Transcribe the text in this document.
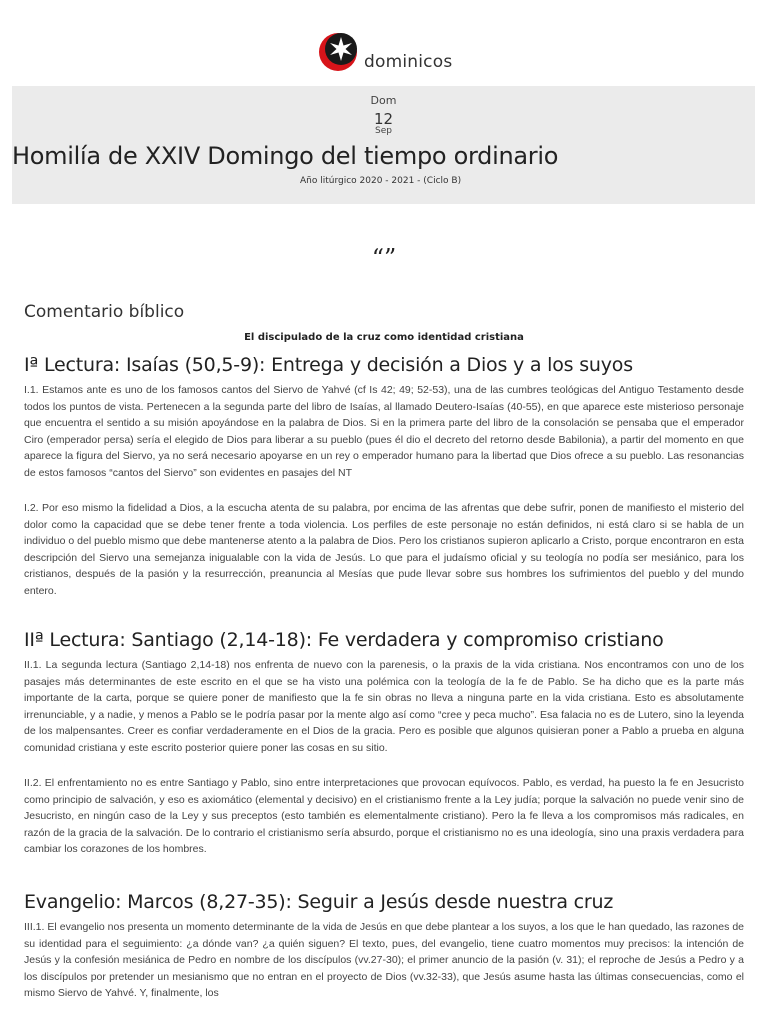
dominicos
Dom
12
Sep
Homilía de XXIV Domingo del tiempo ordinario
Año litúrgico 2020 - 2021 - (Ciclo B)
“”
Comentario bíblico
El discipulado de la cruz como identidad cristiana
Iª Lectura: Isaías (50,5-9): Entrega y decisión a Dios y a los suyos

I.1. Estamos ante es uno de los famosos cantos del Siervo de Yahvé (cf Is 42; 49; 52-53), una de las cumbres teológicas del Antiguo Testamento desde todos los puntos de vista. Pertenecen a la segunda parte del libro de Isaías, al llamado Deutero-Isaías (40-55), en que aparece este misterioso personaje que encuentra el sentido a su misión apoyándose en la palabra de Dios. Si en la primera parte del libro de la consolación se pensaba que el emperador Ciro (emperador persa) sería el elegido de Dios para liberar a su pueblo (pues él dio el decreto del retorno desde Babilonia), a partir del momento en que aparece la figura del Siervo, ya no será necesario apoyarse en un rey o emperador humano para la libertad que Dios ofrece a su pueblo. Las resonancias de estos famosos “cantos del Siervo” son evidentes en pasajes del NT

I.2. Por eso mismo la fidelidad a Dios, a la escucha atenta de su palabra, por encima de las afrentas que debe sufrir, ponen de manifiesto el misterio del dolor como la capacidad que se debe tener frente a toda violencia. Los perfiles de este personaje no están definidos, ni está claro si se habla de un individuo o del pueblo mismo que debe mantenerse atento a la palabra de Dios. Pero los cristianos supieron aplicarlo a Cristo, porque encontraron en esta descripción del Siervo una semejanza inigualable con la vida de Jesús. Lo que para el judaísmo oficial y su teología no podía ser mesiánico, para los cristianos, después de la pasión y la resurrección, preanuncia al Mesías que pude llevar sobre sus hombres los sufrimientos del pueblo y del mundo entero.

IIª Lectura: Santiago (2,14-18): Fe verdadera y compromiso cristiano

II.1. La segunda lectura (Santiago 2,14-18) nos enfrenta de nuevo con la parenesis, o la praxis de la vida cristiana. Nos encontramos con uno de los pasajes más determinantes de este escrito en el que se ha visto una polémica con la teología de la fe de Pablo. Se ha dicho que es la parte más importante de la carta, porque se quiere poner de manifiesto que la fe sin obras no lleva a ninguna parte en la vida cristiana. Esto es absolutamente irrenunciable, y a nadie, y menos a Pablo se le podría pasar por la mente algo así como “cree y peca mucho”. Esa falacia no es de Lutero, sino la leyenda de los malpensantes. Creer es confiar verdaderamente en el Dios de la gracia. Pero es posible que algunos quisieran poner a Pablo a prueba en alguna comunidad cristiana y este escrito posterior quiere poner las cosas en su sitio.

II.2. El enfrentamiento no es entre Santiago y Pablo, sino entre interpretaciones que provocan equívocos. Pablo, es verdad, ha puesto la fe en Jesucristo como principio de salvación, y eso es axiomático (elemental y decisivo) en el cristianismo frente a la Ley judía; porque la salvación no puede venir sino de Jesucristo, en ningún caso de la Ley y sus preceptos (esto también es elementalmente cristiano). Pero la fe lleva a los compromisos más radicales, en razón de la gracia de la salvación. De lo contrario el cristianismo sería absurdo, porque el cristianismo no es una ideología, sino una praxis verdadera para cambiar los corazones de los hombres.

Evangelio: Marcos (8,27-35): Seguir a Jesús desde nuestra cruz

III.1. El evangelio nos presenta un momento determinante de la vida de Jesús en que debe plantear a los suyos, a los que le han quedado, las razones de su identidad para el seguimiento: ¿a dónde van? ¿a quién siguen? El texto, pues, del evangelio, tiene cuatro momentos muy precisos: la intención de Jesús y la confesión mesiánica de Pedro en nombre de los discípulos (vv.27-30); el primer anuncio de la pasión (v. 31); el reproche de Jesús a Pedro y a los discípulos por pretender un mesianismo que no entran en el proyecto de Dios (vv.32-33), que Jesús asume hasta las últimas consecuencias, como el mismo Siervo de Yahvé. Y, finalmente, los
